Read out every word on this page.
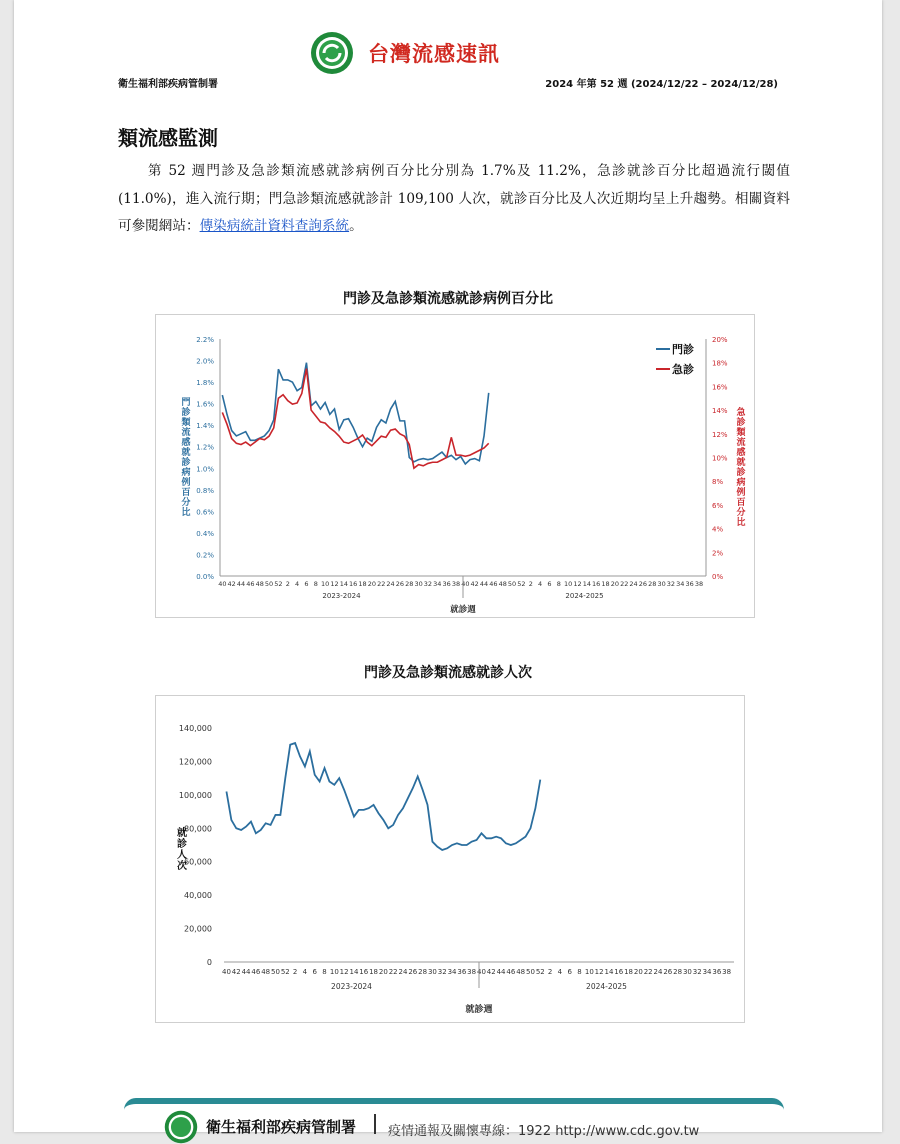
台灣流感速訊
衛生福利部疾病管制署	2024 年第 52 週 (2024/12/22 – 2024/12/28)
類流感監測

第 52 週門診及急診類流感就診病例百分比分別為 1.7%及 11.2%，急診就診百分比超過流行閾值(11.0%)，進入流行期；門急診類流感就診計 109,100 人次，就診百分比及人次近期均呈上升趨勢。相關資料可參閱網站：傳染病統計資料查詢系統。

門診及急診類流感就診病例百分比
0.0%
0.2%
0.4%
0.6%
0.8%
1.0%
1.2%
1.4%
1.6%
1.8%
2.0%
2.2%
0%
2%
4%
6%
8%
10%
12%
14%
16%
18%
20%
40 42 44 46 48 50 52 2 4 6 8 10 12 14 16 18 20 22 24 26 28 30 32 34 36 38 40 42 44 46 48 50 52 2 4 6 8 10 12 14 16 18 20 22 24 26 28 30 32 34 36 38
2023-2024	2024-2025
就診週
門診類流感就診病例百分比
急診類流感就診病例百分比
門診
急診
門診及急診類流感就診人次
0
20,000
40,000
60,000
80,000
100,000
120,000
140,000
40 42 44 46 48 50 52 2 4 6 8 10 12 14 16 18 20 22 24 26 28 30 32 34 36 38 40 42 44 46 48 50 52 2 4 6 8 10 12 14 16 18 20 22 24 26 28 30 32 34 36 38
2023-2024	2024-2025
就診週
就診人次
衛生福利部疾病管制署 疫情通報及關懷專線：1922 http://www.cdc.gov.tw
